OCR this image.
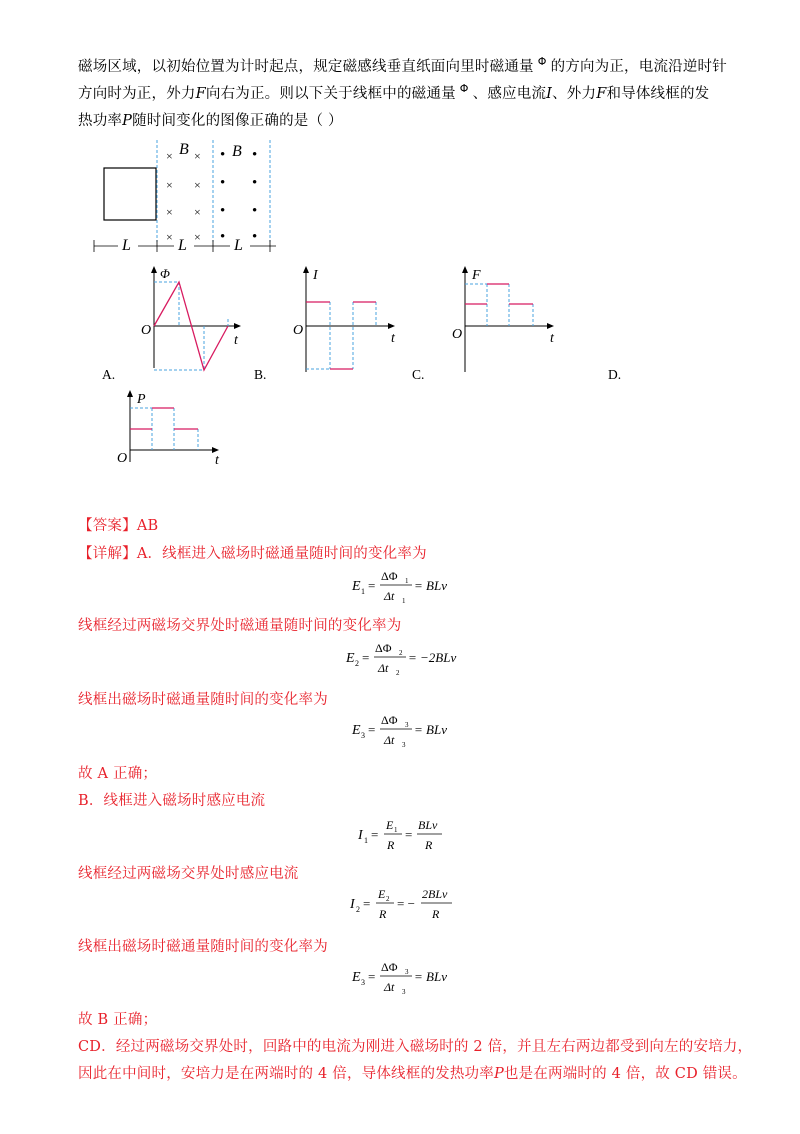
磁场区域，以初始位置为计时起点，规定磁感线垂直纸面向里时磁通量 $^\Phi$ 的方向为正，电流沿逆时针
方向时为正，外力F向右为正。则以下关于线框中的磁通量 $^\Phi$ 、感应电流I、外力F和导体线框的发
热功率P随时间变化的图像正确的是（ ）
× ×
× ×
× ×
× ×
B • •
• •
• •
• •
B
L	L	L
O
Φ
t
A.
O
I
t
B.
O
F
t
C.	D.
O
P
t
【答案】AB
【详解】A．线框进入磁场时磁通量随时间的变化率为
E 1 =
ΔΦ 1
Δt 1
= BLv
线框经过两磁场交界处时磁通量随时间的变化率为
E 2 =
ΔΦ 2
Δt 2
= −2BLv
线框出磁场时磁通量随时间的变化率为
E 3 =
ΔΦ 3
Δt 3
= BLv
故 A 正确；
B．线框进入磁场时感应电流
I 1 =
E 1
R
=
BLv
R
线框经过两磁场交界处时感应电流
I 2 =
E 2
R
= −
2BLv
R
线框出磁场时磁通量随时间的变化率为
E 3 =
ΔΦ 3
Δt 3
= BLv
故 B 正确；
CD．经过两磁场交界处时，回路中的电流为刚进入磁场时的 2 倍，并且左右两边都受到向左的安培力，
因此在中间时，安培力是在两端时的 4 倍，导体线框的发热功率P也是在两端时的 4 倍，故 CD 错误。
